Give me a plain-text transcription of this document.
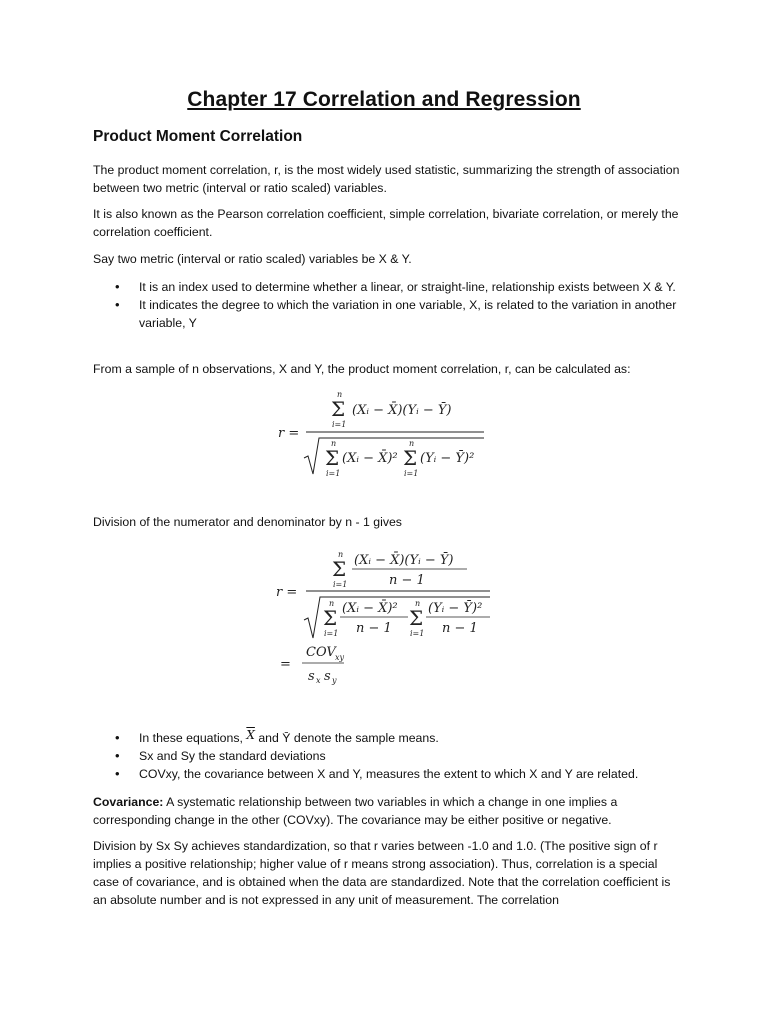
Chapter 17 Correlation and Regression
Product Moment Correlation

The product moment correlation, r, is the most widely used statistic, summarizing the strength of association between two metric (interval or ratio scaled) variables.

It is also known as the Pearson correlation coefficient, simple correlation, bivariate correlation, or merely the correlation coefficient.

Say two metric (interval or ratio scaled) variables be X & Y.

• It is an index used to determine whether a linear, or straight-line, relationship exists between X & Y.
• It indicates the degree to which the variation in one variable, X, is related to the variation in another variable, Y

From a sample of n observations, X and Y, the product moment correlation, r, can be calculated as:

r =
n
Σ
i=1
(Xᵢ − X̄)(Yᵢ − Ȳ)
n
Σ
i=1
(Xᵢ − X̄)²
n
Σ
i=1
(Yᵢ − Ȳ)²

Division of the numerator and denominator by n - 1 gives

r =
n
Σ
i=1
(Xᵢ − X̄)(Yᵢ − Ȳ)
n − 1
n
Σ
i=1
(Xᵢ − X̄)²
n − 1
n
Σ
i=1
(Yᵢ − Ȳ)²
n − 1
=
COV xy
s x s y
• In these equations, $\overline{X}$ and Ȳ denote the sample means.
• Sx and Sy the standard deviations
• COVxy, the covariance between X and Y, measures the extent to which X and Y are related.

Covariance: A systematic relationship between two variables in which a change in one implies a corresponding change in the other (COVxy). The covariance may be either positive or negative.

Division by Sx Sy achieves standardization, so that r varies between -1.0 and 1.0. (The positive sign of r implies a positive relationship; higher value of r means strong association). Thus, correlation is a special case of covariance, and is obtained when the data are standardized. Note that the correlation coefficient is an absolute number and is not expressed in any unit of measurement. The correlation
